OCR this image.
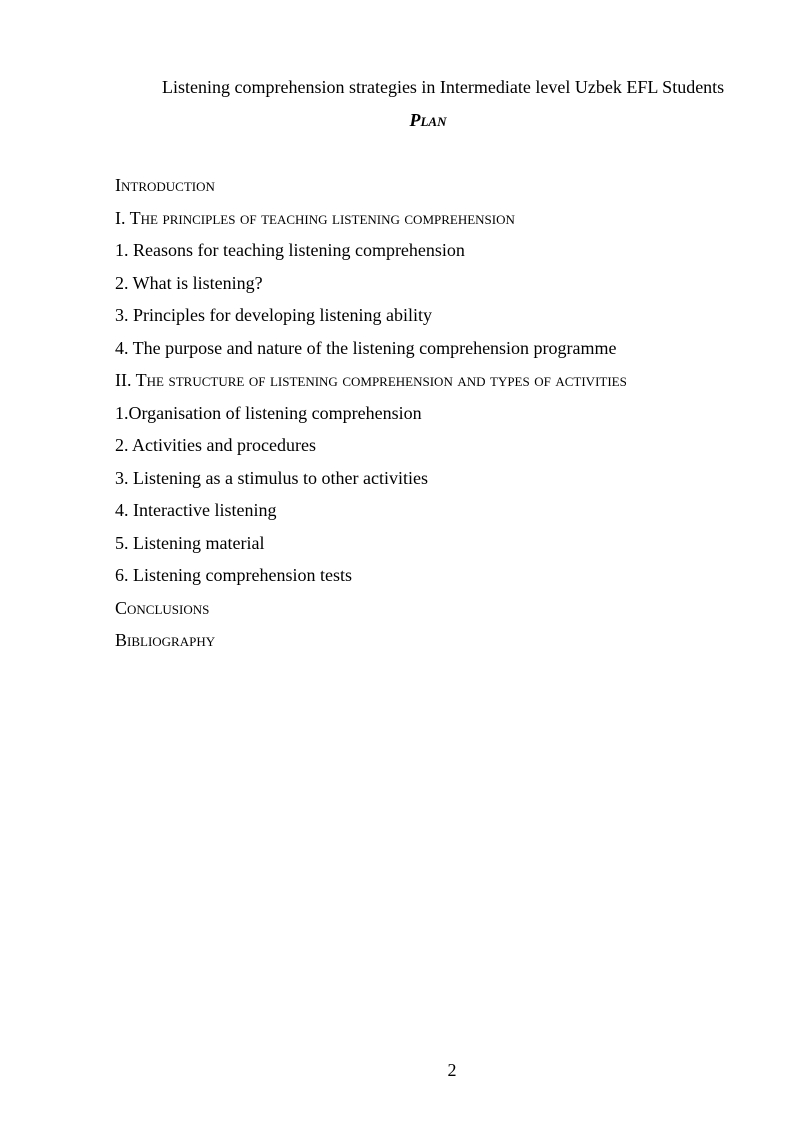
Listening comprehension strategies in Intermediate level Uzbek EFL Students
Plan
Introduction
I. The principles of teaching listening comprehension
1. Reasons for teaching listening comprehension
2. What is listening?
3. Principles for developing listening ability
4. The purpose and nature of the listening comprehension programme
II. The structure of listening comprehension and types of activities
1.Organisation of listening comprehension
2. Activities and procedures
3. Listening as a stimulus to other activities
4. Interactive listening
5. Listening material
6. Listening comprehension tests
Conclusions
Bibliography
2
